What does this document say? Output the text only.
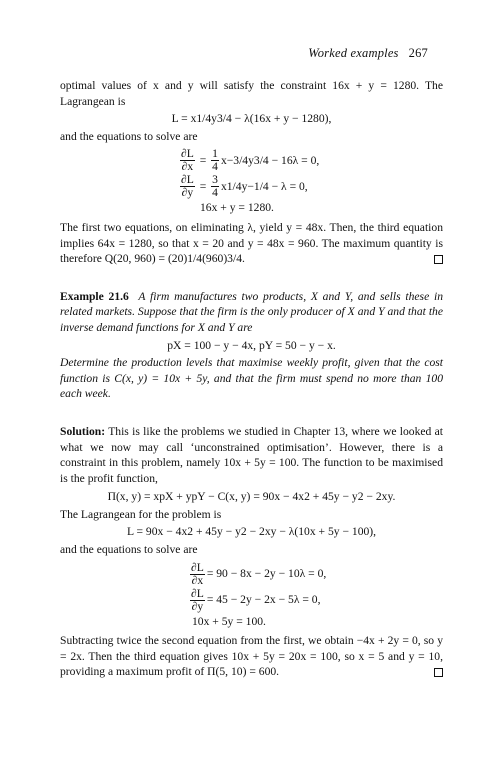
Worked examples 267

optimal values of x and y will satisfy the constraint 16x + y = 1280. The Lagrangean is

L = x1/4y3/4 − λ(16x + y − 1280),

and the equations to solve are

$\frac{\partial L}{\partial x} = \frac{1}{4} x-3/4y3/4 - 16\lambda = 0$,
$\frac{\partial L}{\partial y} = \frac{3}{4} x1/4y-1/4 - \lambda = 0$,
16x + y = 1280.

The first two equations, on eliminating λ, yield y = 48x. Then, the third equation implies 64x = 1280, so that x = 20 and y = 48x = 960. The maximum quantity is therefore Q(20, 960) = (20)1/4(960)3/4.

Example 21.6 A firm manufactures two products, X and Y, and sells these in related markets. Suppose that the firm is the only producer of X and Y and that the inverse demand functions for X and Y are

pX = 100 − y − 4x, pY = 50 − y − x.

Determine the production levels that maximise weekly profit, given that the cost function is C(x, y) = 10x + 5y, and that the firm must spend no more than 100 each week.

Solution: This is like the problems we studied in Chapter 13, where we looked at what we now may call ‘unconstrained optimisation’. However, there is a constraint in this problem, namely 10x + 5y = 100. The function to be maximised is the profit function,

Π(x, y) = xpX + ypY − C(x, y) = 90x − 4x2 + 45y − y2 − 2xy.

The Lagrangean for the problem is

L = 90x − 4x2 + 45y − y2 − 2xy − λ(10x + 5y − 100),

and the equations to solve are

$\frac{\partial L}{\partial x} = 90 - 8x - 2y - 10\lambda = 0$,
$\frac{\partial L}{\partial y} = 45 - 2y - 2x - 5\lambda = 0$,
10x + 5y = 100.

Subtracting twice the second equation from the first, we obtain −4x + 2y = 0, so y = 2x. Then the third equation gives 10x + 5y = 20x = 100, so x = 5 and y = 10, providing a maximum profit of Π(5, 10) = 600.
